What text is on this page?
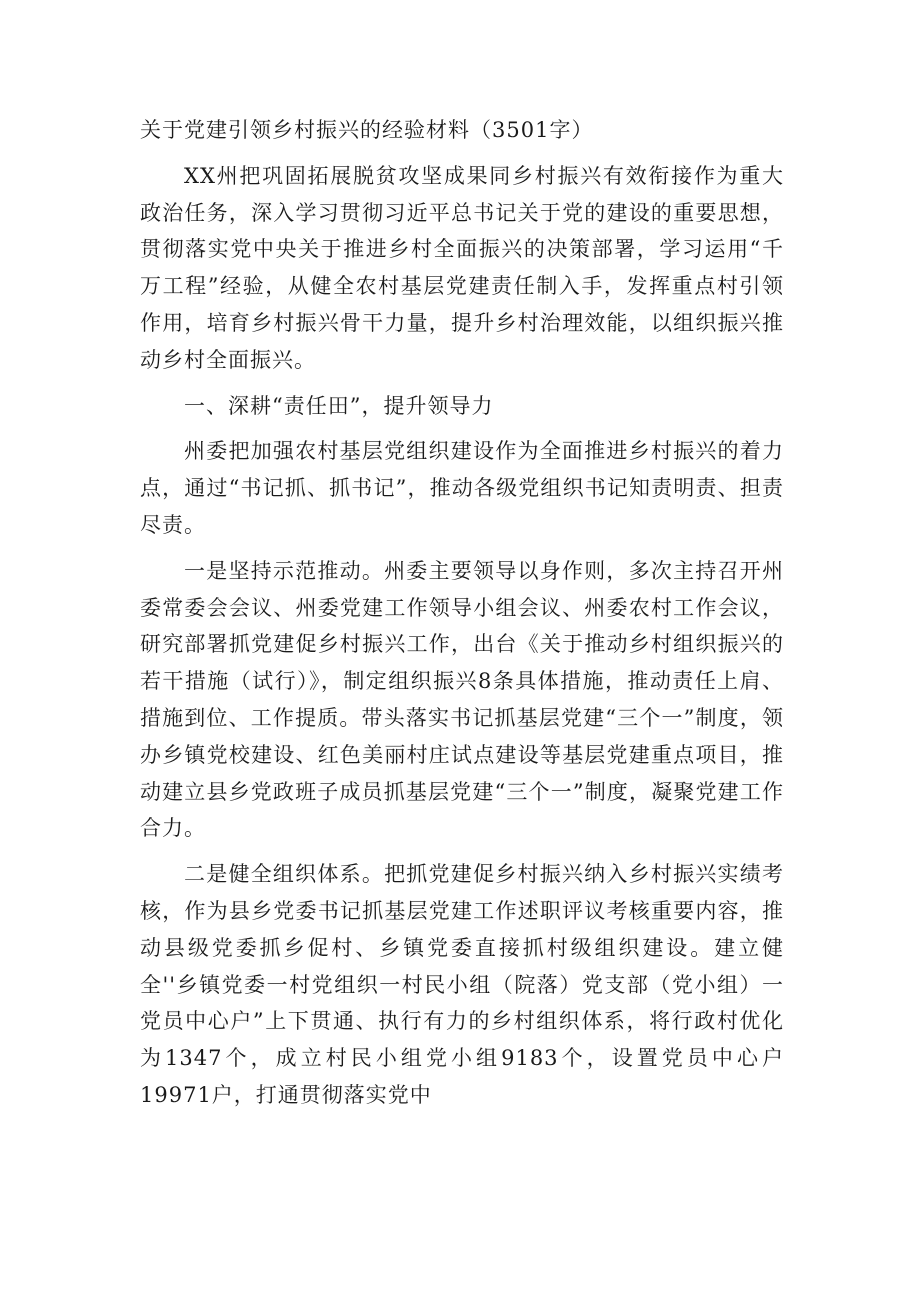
关于党建引领乡村振兴的经验材料（3501字）

XX州把巩固拓展脱贫攻坚成果同乡村振兴有效衔接作为重大政治任务，深入学习贯彻习近平总书记关于党的建设的重要思想，贯彻落实党中央关于推进乡村全面振兴的决策部署，学习运用“千万工程”经验，从健全农村基层党建责任制入手，发挥重点村引领作用，培育乡村振兴骨干力量，提升乡村治理效能，以组织振兴推动乡村全面振兴。

一、深耕“责任田”，提升领导力

州委把加强农村基层党组织建设作为全面推进乡村振兴的着力点，通过“书记抓、抓书记”，推动各级党组织书记知责明责、担责尽责。

一是坚持示范推动。州委主要领导以身作则，多次主持召开州委常委会会议、州委党建工作领导小组会议、州委农村工作会议，研究部署抓党建促乡村振兴工作，出台《关于推动乡村组织振兴的若干措施（试行）》，制定组织振兴8条具体措施，推动责任上肩、措施到位、工作提质。带头落实书记抓基层党建“三个一”制度，领办乡镇党校建设、红色美丽村庄试点建设等基层党建重点项目，推动建立县乡党政班子成员抓基层党建“三个一”制度，凝聚党建工作合力。

二是健全组织体系。把抓党建促乡村振兴纳入乡村振兴实绩考核，作为县乡党委书记抓基层党建工作述职评议考核重要内容，推动县级党委抓乡促村、乡镇党委直接抓村级组织建设。建立健全''乡镇党委一村党组织一村民小组（院落）党支部（党小组）一党员中心户”上下贯通、执行有力的乡村组织体系，将行政村优化为1347个，成立村民小组党小组9183个，设置党员中心户19971户，打通贯彻落实党中
